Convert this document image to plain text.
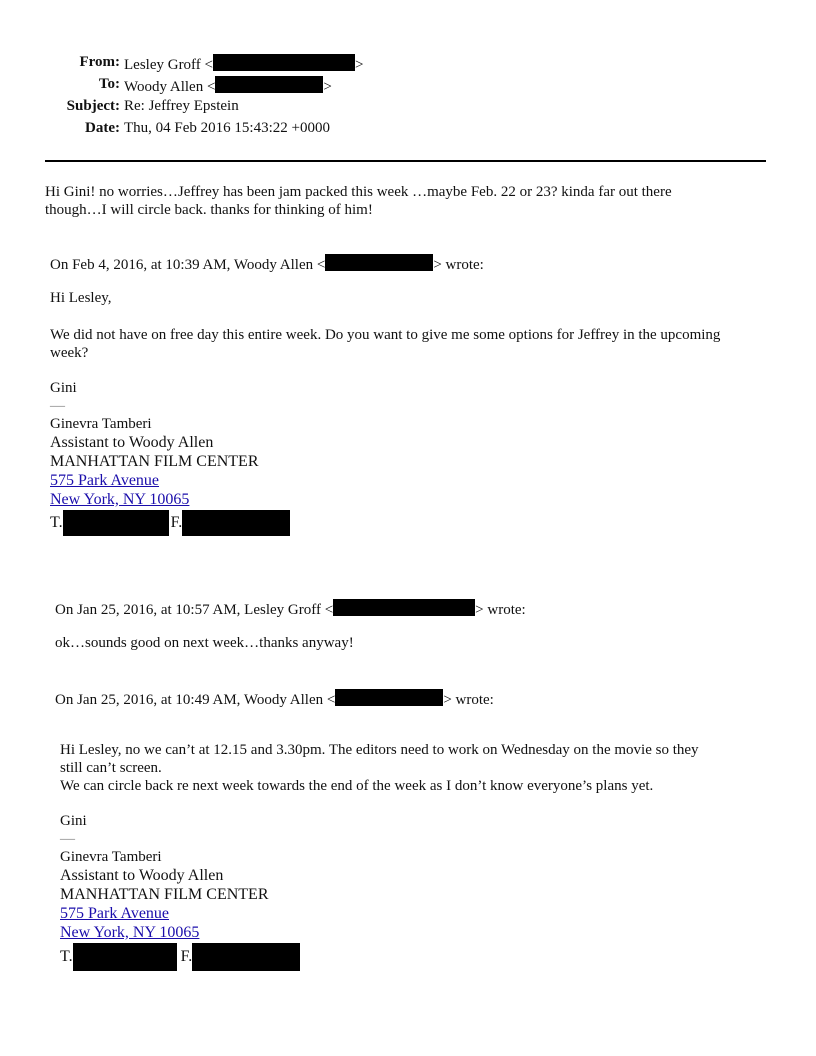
From: Lesley Groff <	>
To: Woody Allen <	>
Subject: Re: Jeffrey Epstein
Date: Thu, 04 Feb 2016 15:43:22 +0000
Hi Gini! no worries…Jeffrey has been jam packed this week …maybe Feb. 22 or 23? kinda far out there
though…I will circle back. thanks for thinking of him!
On Feb 4, 2016, at 10:39 AM, Woody Allen <	> wrote:
Hi Lesley,
We did not have on free day this entire week. Do you want to give me some options for Jeffrey in the upcoming
week?
Gini
—
Ginevra Tamberi
Assistant to Woody Allen
MANHATTAN FILM CENTER
575 Park Avenue
New York, NY 10065
T.	F.
On Jan 25, 2016, at 10:57 AM, Lesley Groff <	> wrote:
ok…sounds good on next week…thanks anyway!
On Jan 25, 2016, at 10:49 AM, Woody Allen <	> wrote:
Hi Lesley, no we can’t at 12.15 and 3.30pm. The editors need to work on Wednesday on the movie so they
still can’t screen.
We can circle back re next week towards the end of the week as I don’t know everyone’s plans yet.
Gini
—
Ginevra Tamberi
Assistant to Woody Allen
MANHATTAN FILM CENTER
575 Park Avenue
New York, NY 10065
T.	F.
